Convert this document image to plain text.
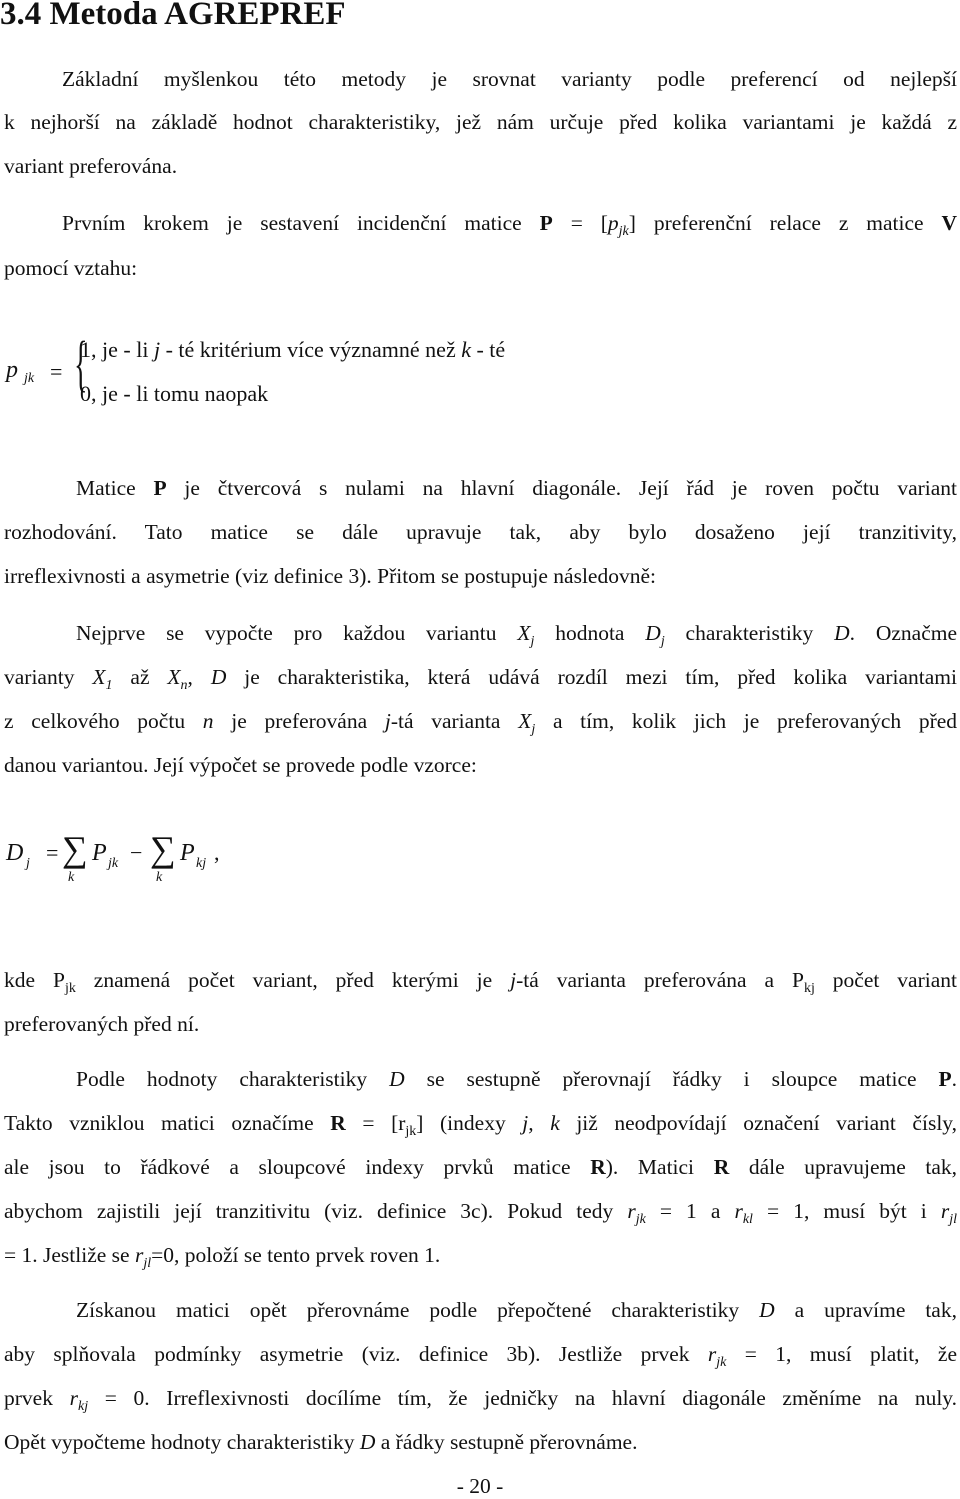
3.4 Metoda AGREPREF
Základní myšlenkou této metody je srovnat varianty podle preferencí od nejlepší
k nejhorší na základě hodnot charakteristiky, jež nám určuje před kolika variantami je každá z
variant preferována.
Prvním krokem je sestavení incidenční matice $P = [p_{jk}]$ preferenční relace z matice V
pomocí vztahu:
p jk = {
1, je - li j - té kritérium více významné než k - té
0, je - li tomu naopak
Matice P je čtvercová s nulami na hlavní diagonále. Její řád je roven počtu variant
rozhodování. Tato matice se dále upravuje tak, aby bylo dosaženo její tranzitivity,
irreflexivnosti a asymetrie (viz definice 3). Přitom se postupuje následovně:
Nejprve se vypočte pro každou variantu $X_j$ hodnota $D_j$ charakteristiky D. Označme
varianty $X_1$ až $X_n$, D je charakteristika, která udává rozdíl mezi tím, před kolika variantami
z celkového počtu n je preferována j-tá varianta $X_j$ a tím, kolik jich je preferovaných před
danou variantou. Její výpočet se provede podle vzorce:
D j = ∑
k
P jk − ∑
k
P kj ,
kde $P_{jk}$ znamená počet variant, před kterými je j-tá varianta preferována a $P_{kj}$ počet variant
preferovaných před ní.
Podle hodnoty charakteristiky D se sestupně přerovnají řádky i sloupce matice P.
Takto vzniklou matici označíme $R = [r_{jk}]$ (indexy j, k již neodpovídají označení variant čísly,
ale jsou to řádkové a sloupcové indexy prvků matice R). Matici R dále upravujeme tak,
abychom zajistili její tranzitivitu (viz. definice 3c). Pokud tedy $r_{jk} = 1$ a $r_{kl} = 1$, musí být i $r_{jl}$
= 1. Jestliže se $r_{jl}=0$, položí se tento prvek roven 1.
Získanou matici opět přerovnáme podle přepočtené charakteristiky D a upravíme tak,
aby splňovala podmínky asymetrie (viz. definice 3b). Jestliže prvek $r_{jk} = 1$, musí platit, že
prvek $r_{kj} = 0$. Irreflexivnosti docílíme tím, že jedničky na hlavní diagonále změníme na nuly.
Opět vypočteme hodnoty charakteristiky D a řádky sestupně přerovnáme.
- 20 -
